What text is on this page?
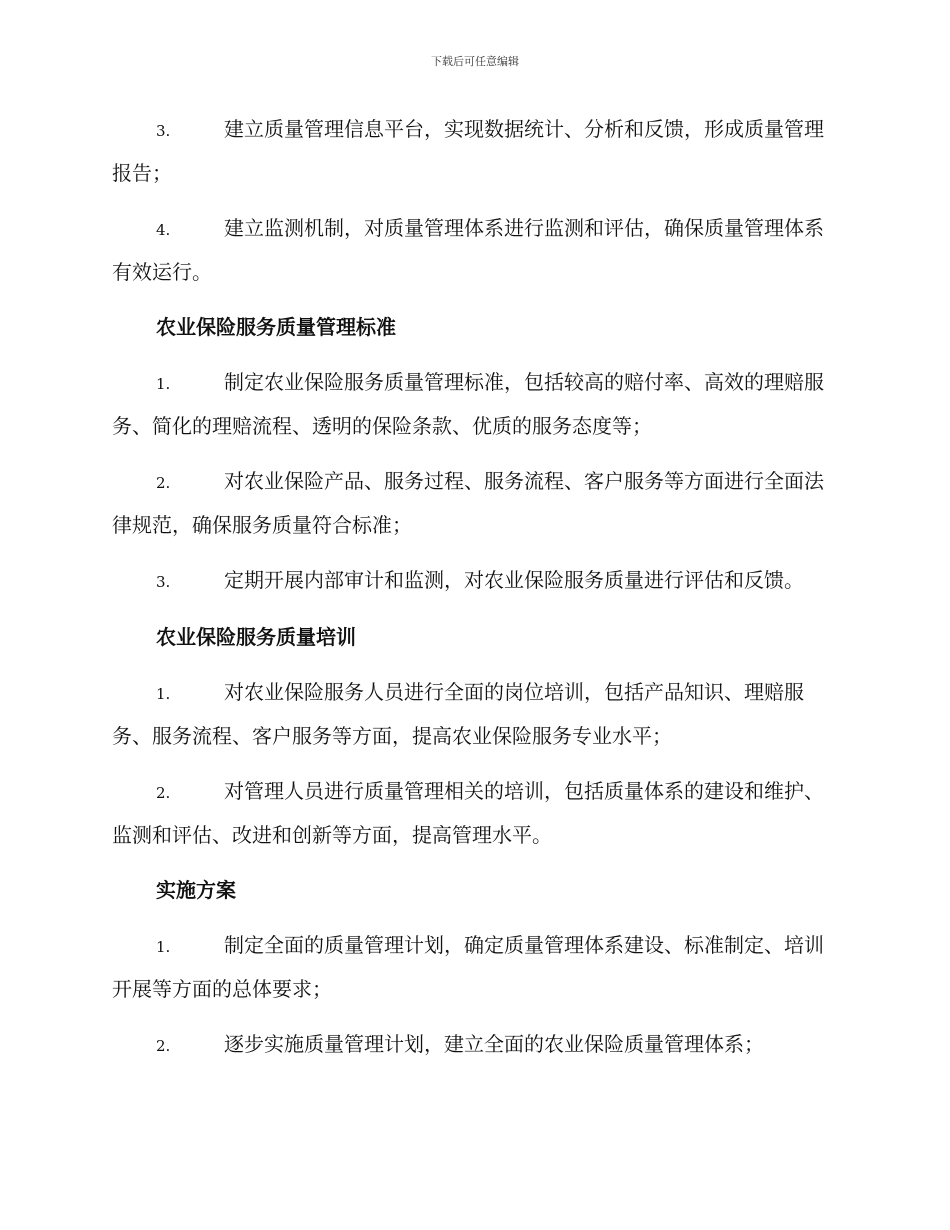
下载后可任意编辑

3.	建立质量管理信息平台，实现数据统计、分析和反馈，形成质量管理报告；

4.	建立监测机制，对质量管理体系进行监测和评估，确保质量管理体系有效运行。

农业保险服务质量管理标准

1.	制定农业保险服务质量管理标准，包括较高的赔付率、高效的理赔服务、简化的理赔流程、透明的保险条款、优质的服务态度等；

2.	对农业保险产品、服务过程、服务流程、客户服务等方面进行全面法律规范，确保服务质量符合标准；

3.	定期开展内部审计和监测，对农业保险服务质量进行评估和反馈。

农业保险服务质量培训

1.	对农业保险服务人员进行全面的岗位培训，包括产品知识、理赔服务、服务流程、客户服务等方面，提高农业保险服务专业水平；

2.	对管理人员进行质量管理相关的培训，包括质量体系的建设和维护、监测和评估、改进和创新等方面，提高管理水平。

实施方案

1.	制定全面的质量管理计划，确定质量管理体系建设、标准制定、培训开展等方面的总体要求；

2.	逐步实施质量管理计划，建立全面的农业保险质量管理体系；
